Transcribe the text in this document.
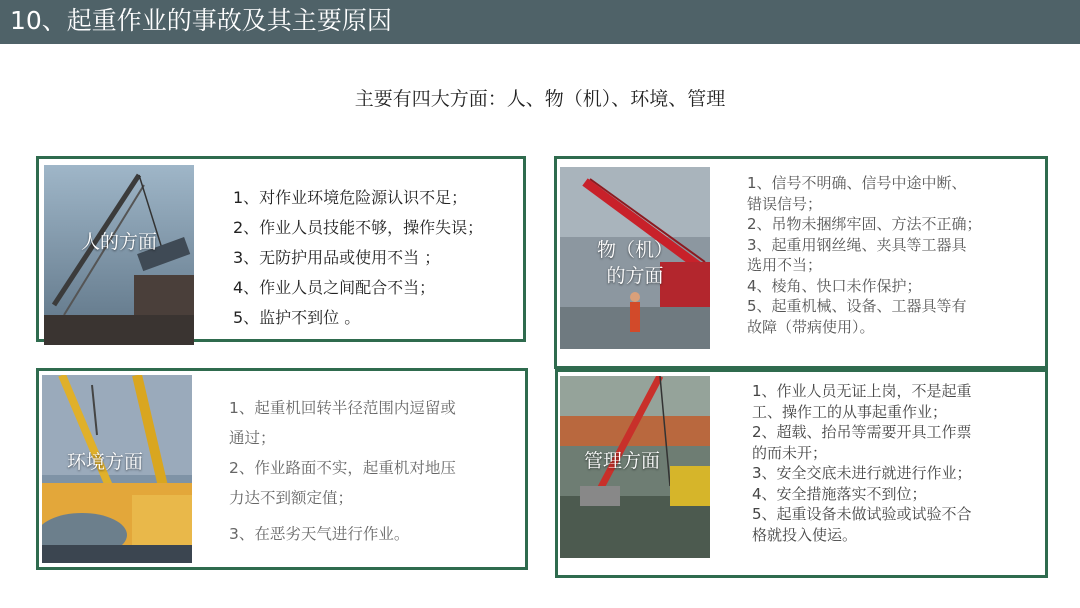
10、起重作业的事故及其主要原因
主要有四大方面：人、物（机）、环境、管理
人的方面
1、对作业环境危险源认识不足；
2、作业人员技能不够，操作失误；
3、无防护用品或使用不当 ；
4、作业人员之间配合不当；
5、监护不到位 。
物（机）
的方面
1、信号不明确、信号中途中断、
错误信号；
2、吊物未捆绑牢固、方法不正确；
3、起重用钢丝绳、夹具等工器具
选用不当；
4、棱角、快口未作保护；
5、起重机械、设备、工器具等有
故障（带病使用）。
环境方面
1、起重机回转半径范围内逗留或
通过；
2、作业路面不实，起重机对地压
力达不到额定值；
3、在恶劣天气进行作业。
管理方面
1、作业人员无证上岗，不是起重
工、操作工的从事起重作业；
2、超载、抬吊等需要开具工作票
的而未开；
3、安全交底未进行就进行作业；
4、安全措施落实不到位；
5、起重设备未做试验或试验不合
格就投入使运。
